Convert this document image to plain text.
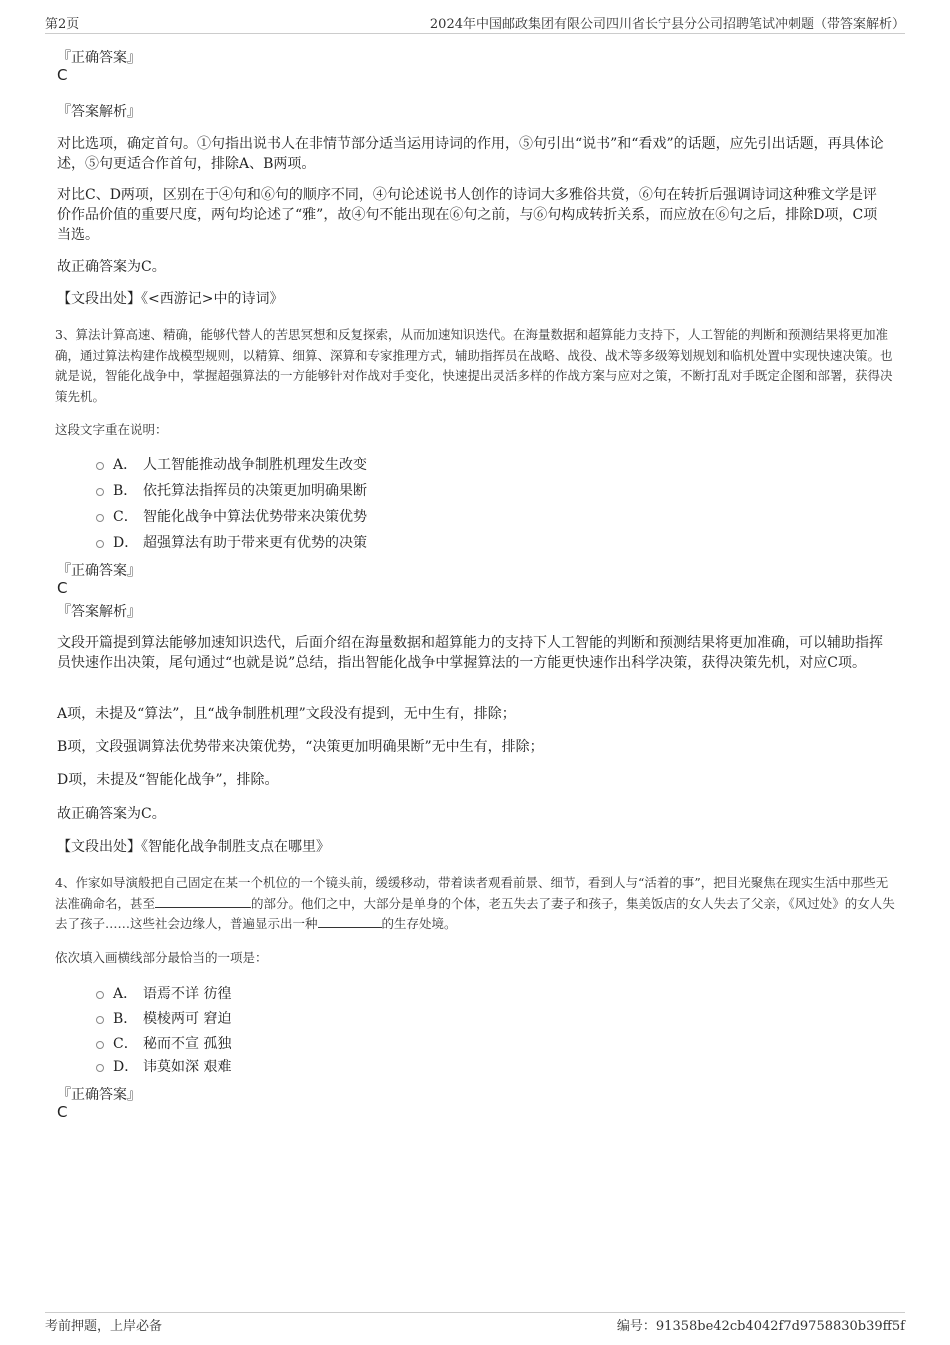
第2页	2024年中国邮政集团有限公司四川省长宁县分公司招聘笔试冲刺题（带答案解析）
『正确答案』
C
『答案解析』
对比选项，确定首句。①句指出说书人在非情节部分适当运用诗词的作用，⑤句引出“说书”和“看戏”的话题，应先引出话题，再具体论述，⑤句更适合作首句，排除A、B两项。
对比C、D两项，区别在于④句和⑥句的顺序不同，④句论述说书人创作的诗词大多雅俗共赏，⑥句在转折后强调诗词这种雅文学是评价作品价值的重要尺度，两句均论述了“雅”，故④句不能出现在⑥句之前，与⑥句构成转折关系，而应放在⑥句之后，排除D项，C项当选。
故正确答案为C。
【文段出处】《<西游记>中的诗词》
3、算法计算高速、精确，能够代替人的苦思冥想和反复探索，从而加速知识迭代。在海量数据和超算能力支持下，人工智能的判断和预测结果将更加准确，通过算法构建作战模型规则，以精算、细算、深算和专家推理方式，辅助指挥员在战略、战役、战术等多级筹划规划和临机处置中实现快速决策。也就是说，智能化战争中，掌握超强算法的一方能够针对作战对手变化，快速提出灵活多样的作战方案与应对之策，不断打乱对手既定企图和部署，获得决策先机。
这段文字重在说明：
A． 人工智能推动战争制胜机理发生改变
B． 依托算法指挥员的决策更加明确果断
C． 智能化战争中算法优势带来决策优势
D． 超强算法有助于带来更有优势的决策
『正确答案』
C
『答案解析』
文段开篇提到算法能够加速知识迭代，后面介绍在海量数据和超算能力的支持下人工智能的判断和预测结果将更加准确，可以辅助指挥员快速作出决策，尾句通过“也就是说”总结，指出智能化战争中掌握算法的一方能更快速作出科学决策，获得决策先机，对应C项。
A项，未提及“算法”，且“战争制胜机理”文段没有提到，无中生有，排除；
B项，文段强调算法优势带来决策优势，“决策更加明确果断”无中生有，排除；
D项，未提及“智能化战争”，排除。
故正确答案为C。
【文段出处】《智能化战争制胜支点在哪里》
4、作家如导演般把自己固定在某一个机位的一个镜头前，缓缓移动，带着读者观看前景、细节，看到人与“活着的事”，把目光聚焦在现实生活中那些无法准确命名，甚至	的部分。他们之中，大部分是单身的个体，老五失去了妻子和孩子，集美饭店的女人失去了父亲，《风过处》的女人失去了孩子……这些社会边缘人，普遍显示出一种	的生存处境。
依次填入画横线部分最恰当的一项是：
A． 语焉不详 彷徨
B． 模棱两可 窘迫
C． 秘而不宣 孤独
D． 讳莫如深 艰难
『正确答案』
C
考前押题，上岸必备	编号：91358be42cb4042f7d9758830b39ff5f
